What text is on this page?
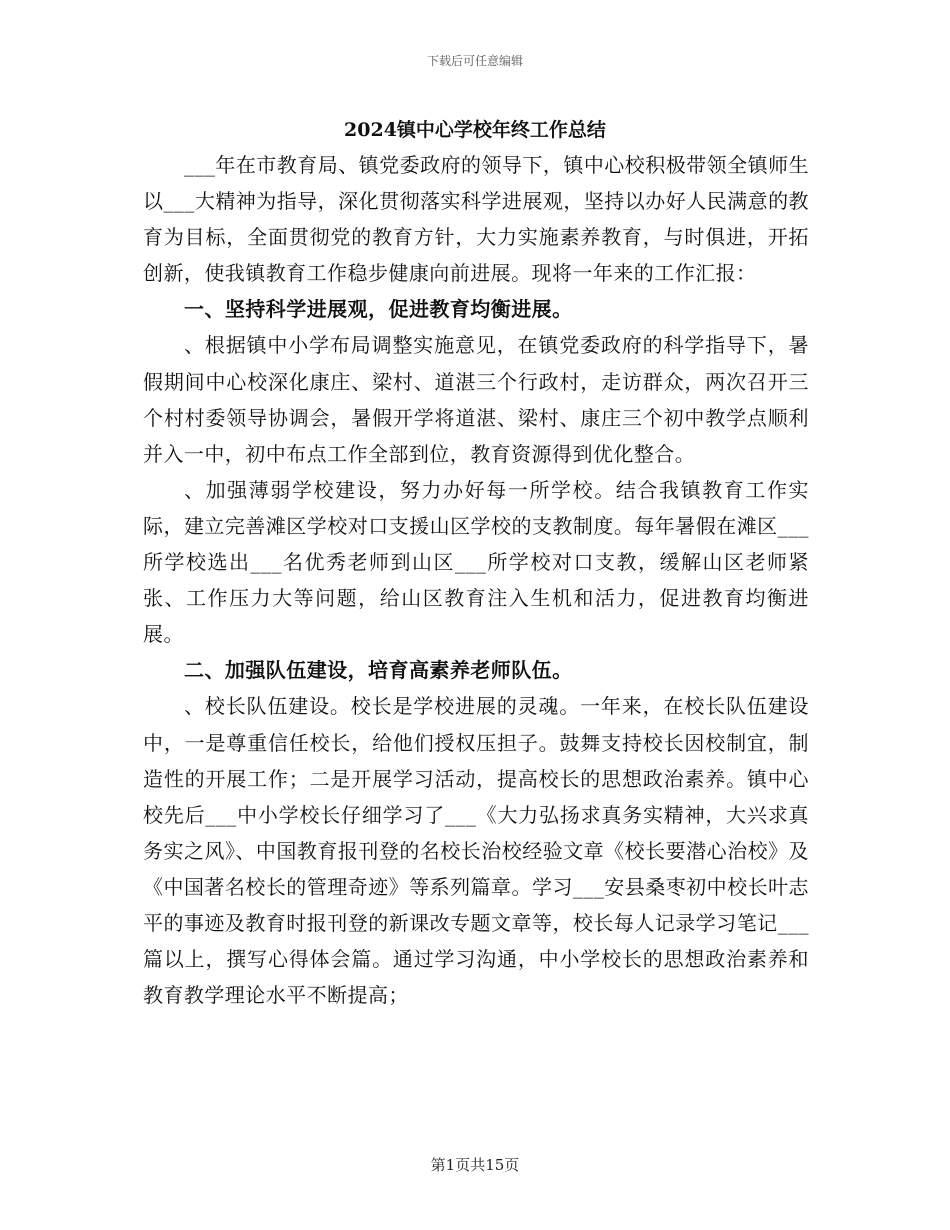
下载后可任意编辑
2024镇中心学校年终工作总结

___年在市教育局、镇党委政府的领导下，镇中心校积极带领全镇师生以___大精神为指导，深化贯彻落实科学进展观，坚持以办好人民满意的教育为目标，全面贯彻党的教育方针，大力实施素养教育，与时俱进，开拓创新，使我镇教育工作稳步健康向前进展。现将一年来的工作汇报：

一、坚持科学进展观，促进教育均衡进展。

、根据镇中小学布局调整实施意见，在镇党委政府的科学指导下，暑假期间中心校深化康庄、梁村、道湛三个行政村，走访群众，两次召开三个村村委领导协调会，暑假开学将道湛、梁村、康庄三个初中教学点顺利并入一中，初中布点工作全部到位，教育资源得到优化整合。

、加强薄弱学校建设，努力办好每一所学校。结合我镇教育工作实际，建立完善滩区学校对口支援山区学校的支教制度。每年暑假在滩区___所学校选出___名优秀老师到山区___所学校对口支教，缓解山区老师紧张、工作压力大等问题，给山区教育注入生机和活力，促进教育均衡进展。

二、加强队伍建设，培育高素养老师队伍。

、校长队伍建设。校长是学校进展的灵魂。一年来，在校长队伍建设中，一是尊重信任校长，给他们授权压担子。鼓舞支持校长因校制宜，制造性的开展工作；二是开展学习活动，提高校长的思想政治素养。镇中心校先后___中小学校长仔细学习了___《大力弘扬求真务实精神，大兴求真务实之风》、中国教育报刊登的名校长治校经验文章《校长要潜心治校》及《中国著名校长的管理奇迹》等系列篇章。学习___安县桑枣初中校长叶志平的事迹及教育时报刊登的新课改专题文章等，校长每人记录学习笔记___篇以上，撰写心得体会篇。通过学习沟通，中小学校长的思想政治素养和教育教学理论水平不断提高；

第1页共15页
